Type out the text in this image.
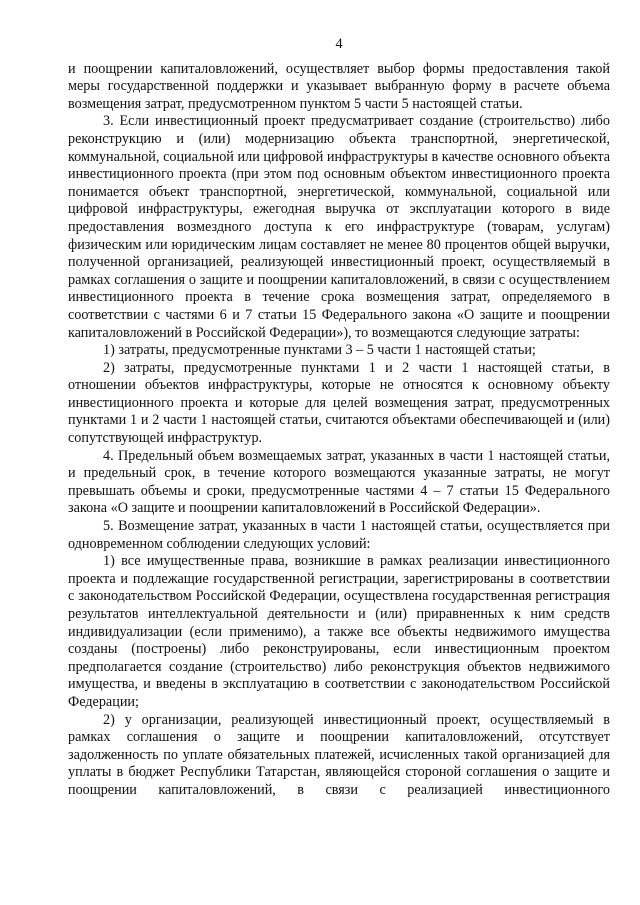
4

и поощрении капиталовложений, осуществляет выбор формы предоставления такой меры государственной поддержки и указывает выбранную форму в расчете объема возмещения затрат, предусмотренном пунктом 5 части 5 настоящей статьи.

3. Если инвестиционный проект предусматривает создание (строительство) либо реконструкцию и (или) модернизацию объекта транспортной, энергетической, коммунальной, социальной или цифровой инфраструктуры в качестве основного объекта инвестиционного проекта (при этом под основным объектом инвестиционного проекта понимается объект транспортной, энергетической, коммунальной, социальной или цифровой инфраструктуры, ежегодная выручка от эксплуатации которого в виде предоставления возмездного доступа к его инфраструктуре (товарам, услугам) физическим или юридическим лицам составляет не менее 80 процентов общей выручки, полученной организацией, реализующей инвестиционный проект, осуществляемый в рамках соглашения о защите и поощрении капиталовложений, в связи с осуществлением инвестиционного проекта в течение срока возмещения затрат, определяемого в соответствии с частями 6 и 7 статьи 15 Федерального закона «О защите и поощрении капиталовложений в Российской Федерации»), то возмещаются следующие затраты:

1) затраты, предусмотренные пунктами 3 – 5 части 1 настоящей статьи;

2) затраты, предусмотренные пунктами 1 и 2 части 1 настоящей статьи, в отношении объектов инфраструктуры, которые не относятся к основному объекту инвестиционного проекта и которые для целей возмещения затрат, предусмотренных пунктами 1 и 2 части 1 настоящей статьи, считаются объектами обеспечивающей и (или) сопутствующей инфраструктур.

4. Предельный объем возмещаемых затрат, указанных в части 1 настоящей статьи, и предельный срок, в течение которого возмещаются указанные затраты, не могут превышать объемы и сроки, предусмотренные частями 4 – 7 статьи 15 Федерального закона «О защите и поощрении капиталовложений в Российской Федерации».

5. Возмещение затрат, указанных в части 1 настоящей статьи, осуществляется при одновременном соблюдении следующих условий:

1) все имущественные права, возникшие в рамках реализации инвестиционного проекта и подлежащие государственной регистрации, зарегистрированы в соответствии с законодательством Российской Федерации, осуществлена государственная регистрация результатов интеллектуальной деятельности и (или) приравненных к ним средств индивидуализации (если применимо), а также все объекты недвижимого имущества созданы (построены) либо реконструированы, если инвестиционным проектом предполагается создание (строительство) либо реконструкция объектов недвижимого имущества, и введены в эксплуатацию в соответствии с законодательством Российской Федерации;

2) у организации, реализующей инвестиционный проект, осуществляемый в рамках соглашения о защите и поощрении капиталовложений, отсутствует задолженность по уплате обязательных платежей, исчисленных такой организацией для уплаты в бюджет Республики Татарстан, являющейся стороной соглашения о защите и поощрении капиталовложений, в связи с реализацией инвестиционного
